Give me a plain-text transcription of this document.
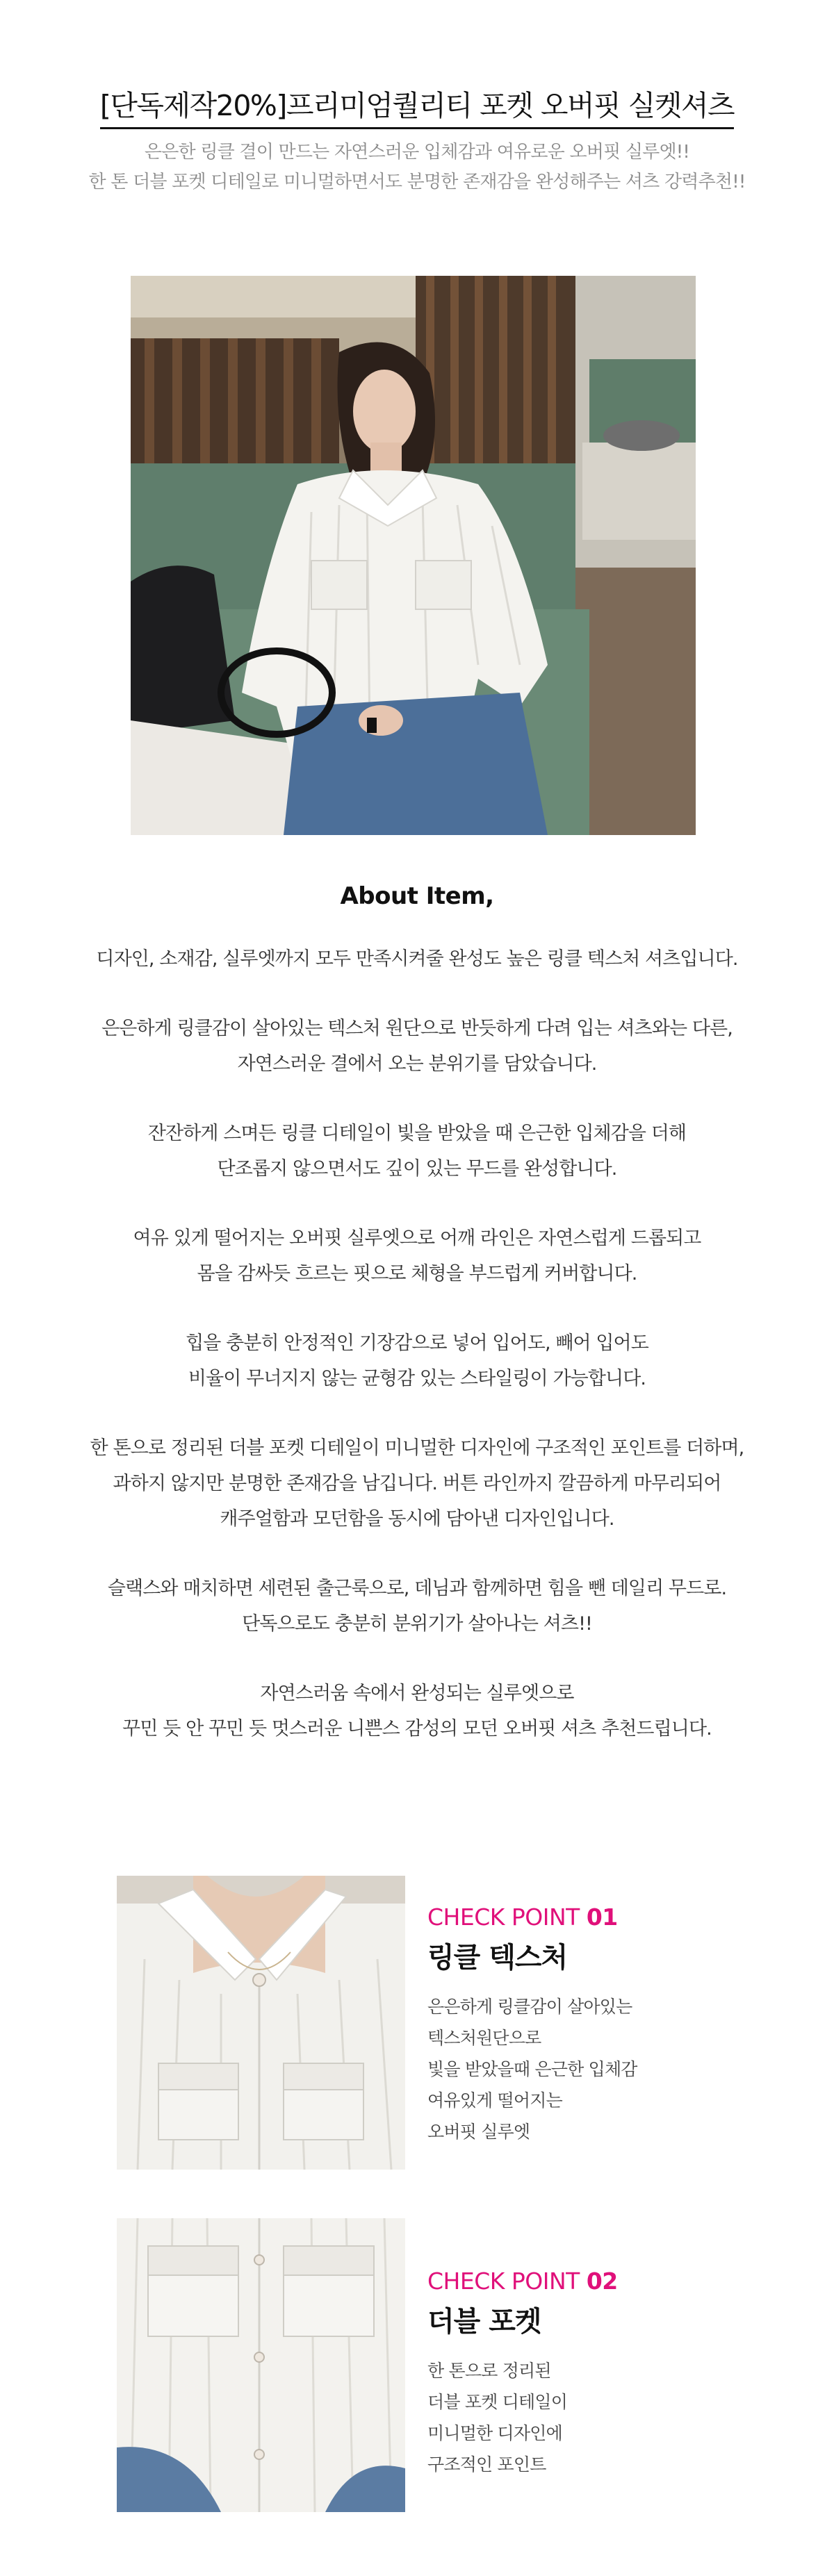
[단독제작20%]프리미엄퀄리티 포켓 오버핏 실켓셔츠
은은한 링클 결이 만드는 자연스러운 입체감과 여유로운 오버핏 실루엣!!
한 톤 더블 포켓 디테일로 미니멀하면서도 분명한 존재감을 완성해주는 셔츠 강력추천!!
About Item,
디자인, 소재감, 실루엣까지 모두 만족시켜줄 완성도 높은 링클 텍스처 셔츠입니다.
은은하게 링클감이 살아있는 텍스처 원단으로 반듯하게 다려 입는 셔츠와는 다른,
자연스러운 결에서 오는 분위기를 담았습니다.
잔잔하게 스며든 링클 디테일이 빛을 받았을 때 은근한 입체감을 더해
단조롭지 않으면서도 깊이 있는 무드를 완성합니다.
여유 있게 떨어지는 오버핏 실루엣으로 어깨 라인은 자연스럽게 드롭되고
몸을 감싸듯 흐르는 핏으로 체형을 부드럽게 커버합니다.
힙을 충분히 안정적인 기장감으로 넣어 입어도, 빼어 입어도
비율이 무너지지 않는 균형감 있는 스타일링이 가능합니다.
한 톤으로 정리된 더블 포켓 디테일이 미니멀한 디자인에 구조적인 포인트를 더하며,
과하지 않지만 분명한 존재감을 남깁니다. 버튼 라인까지 깔끔하게 마무리되어
캐주얼함과 모던함을 동시에 담아낸 디자인입니다.
슬랙스와 매치하면 세련된 출근룩으로, 데님과 함께하면 힘을 뺀 데일리 무드로.
단독으로도 충분히 분위기가 살아나는 셔츠!!
자연스러움 속에서 완성되는 실루엣으로
꾸민 듯 안 꾸민 듯 멋스러운 니쁜스 감성의 모던 오버핏 셔츠 추천드립니다.
CHECK POINT 01
링클 텍스처
은은하게 링클감이 살아있는
텍스처원단으로
빛을 받았을때 은근한 입체감
여유있게 떨어지는
오버핏 실루엣
CHECK POINT 02
더블 포켓
한 톤으로 정리된
더블 포켓 디테일이
미니멀한 디자인에
구조적인 포인트
